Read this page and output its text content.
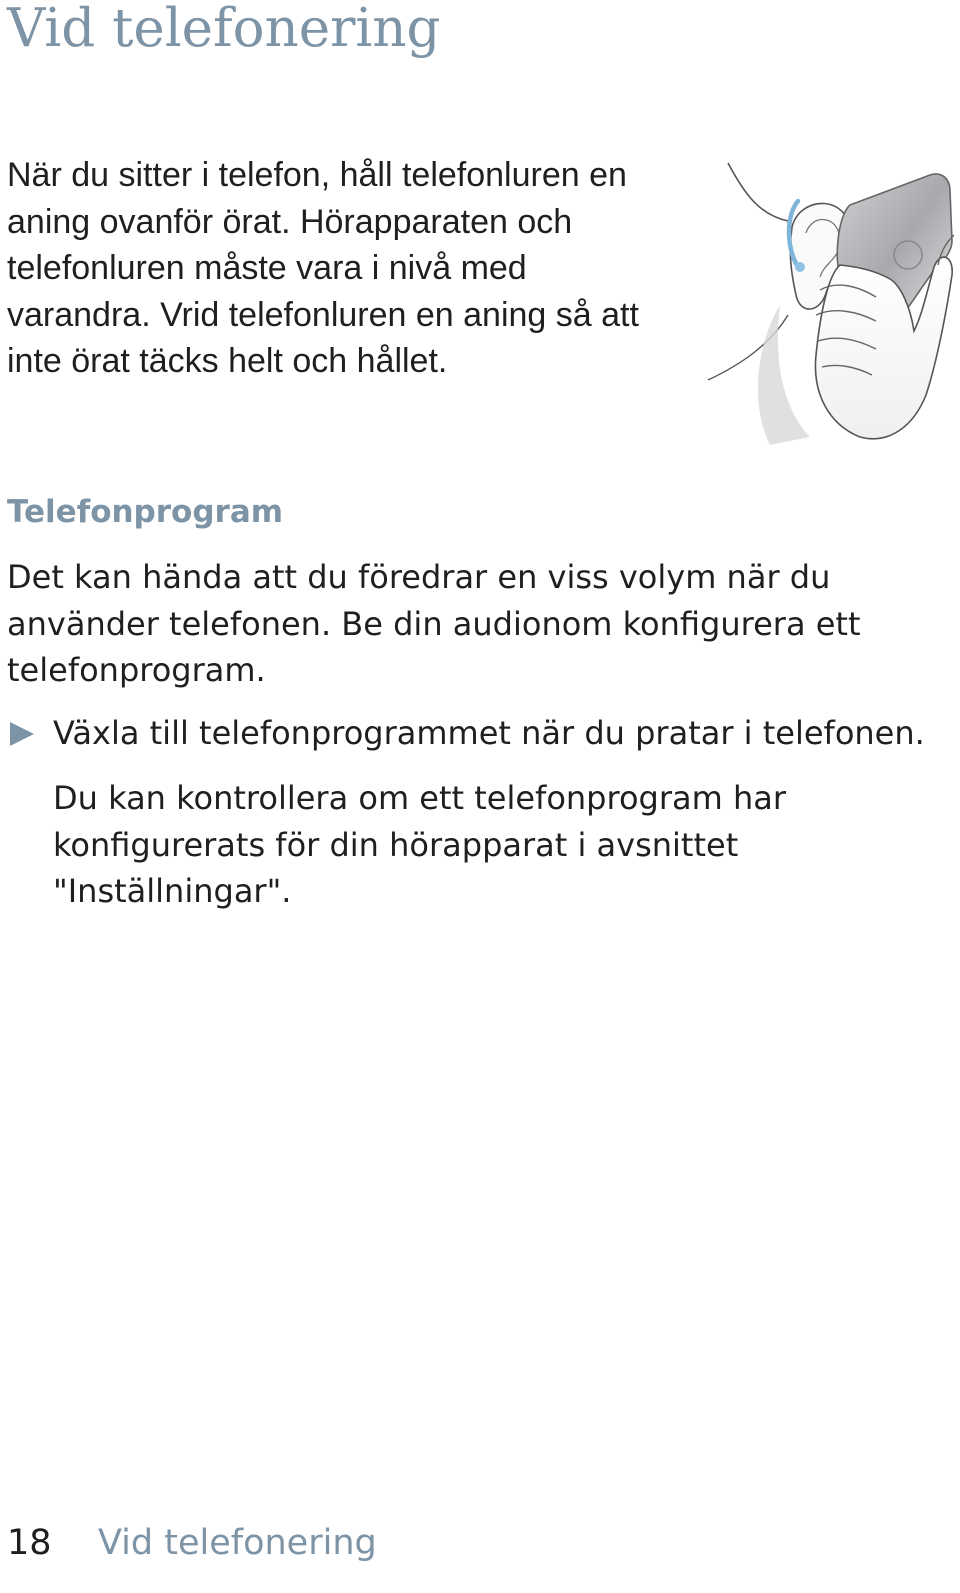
Vid telefonering

När du sitter i telefon, håll telefonluren en aning ovanför örat. Hörapparaten och telefonluren måste vara i nivå med varandra. Vrid telefonluren en aning så att inte örat täcks helt och hållet.

Telefonprogram

Det kan hända att du föredrar en viss volym när du använder telefonen. Be din audionom konfigurera ett telefonprogram.

Växla till telefonprogrammet när du pratar i telefonen.

Du kan kontrollera om ett telefonprogram har konfigurerats för din hörapparat i avsnittet "Inställningar".

18 Vid telefonering
